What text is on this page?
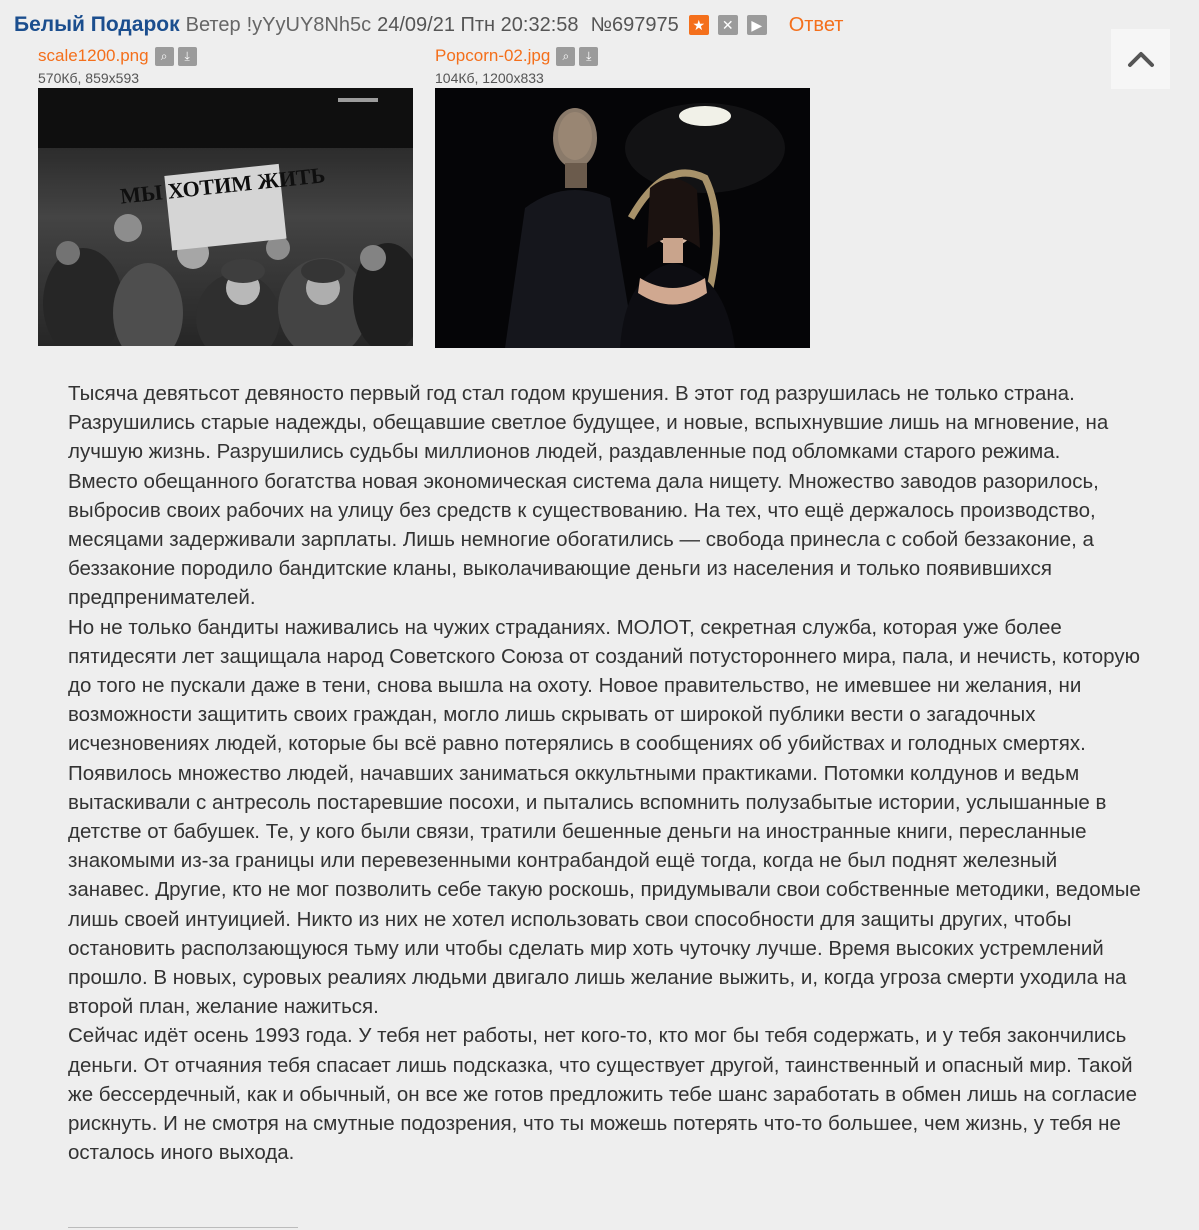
Белый Подарок Ветер !yYyUY8Nh5c 24/09/21 Птн 20:32:58 №697975 ★ ✕	▶ Ответ
scale1200.png	⌕	⤓
570Кб, 859x593
МЫ ХОТИМ ЖИТЬ
Popcorn-02.jpg	⌕	⤓
104Кб, 1200x833

Тысяча девятьсот девяносто первый год стал годом крушения. В этот год разрушилась не только страна. Разрушились старые надежды, обещавшие светлое будущее, и новые, вспыхнувшие лишь на мгновение, на лучшую жизнь. Разрушились судьбы миллионов людей, раздавленные под обломками старого режима.

Вместо обещанного богатства новая экономическая система дала нищету. Множество заводов разорилось, выбросив своих рабочих на улицу без средств к существованию. На тех, что ещё держалось производство, месяцами задерживали зарплаты. Лишь немногие обогатились — свобода принесла с собой беззаконие, а беззаконие породило бандитские кланы, выколачивающие деньги из населения и только появившихся предпренимателей.

Но не только бандиты наживались на чужих страданиях. МОЛОТ, секретная служба, которая уже более пятидесяти лет защищала народ Советского Союза от созданий потустороннего мира, пала, и нечисть, которую до того не пускали даже в тени, снова вышла на охоту. Новое правительство, не имевшее ни желания, ни возможности защитить своих граждан, могло лишь скрывать от широкой публики вести о загадочных исчезновениях людей, которые бы всё равно потерялись в сообщениях об убийствах и голодных смертях. Появилось множество людей, начавших заниматься оккультными практиками. Потомки колдунов и ведьм вытаскивали с антресоль постаревшие посохи, и пытались вспомнить полузабытые истории, услышанные в детстве от бабушек. Те, у кого были связи, тратили бешенные деньги на иностранные книги, пересланные знакомыми из-за границы или перевезенными контрабандой ещё тогда, когда не был поднят железный занавес. Другие, кто не мог позволить себе такую роскошь, придумывали свои собственные методики, ведомые лишь своей интуицией. Никто из них не хотел использовать свои способности для защиты других, чтобы остановить расползающуюся тьму или чтобы сделать мир хоть чуточку лучше. Время высоких устремлений прошло. В новых, суровых реалиях людьми двигало лишь желание выжить, и, когда угроза смерти уходила на второй план, желание нажиться.

Сейчас идёт осень 1993 года. У тебя нет работы, нет кого-то, кто мог бы тебя содержать, и у тебя закончились деньги. От отчаяния тебя спасает лишь подсказка, что существует другой, таинственный и опасный мир. Такой же бессердечный, как и обычный, он все же готов предложить тебе шанс заработать в обмен лишь на согласие рискнуть. И не смотря на смутные подозрения, что ты можешь потерять что-то большее, чем жизнь, у тебя не осталось иного выхода.
